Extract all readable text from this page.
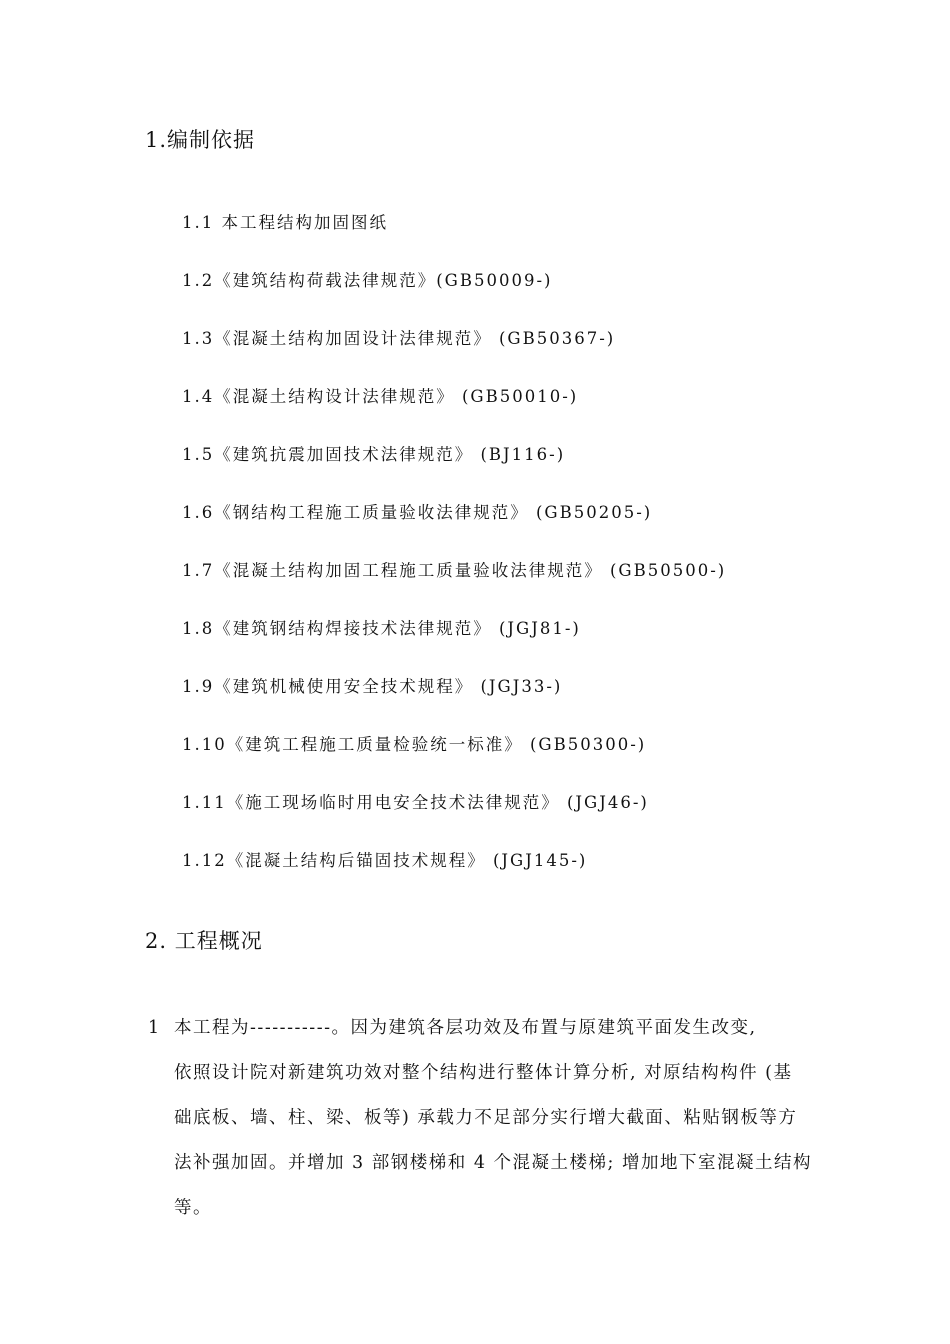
1.编制依据
1.1 本工程结构加固图纸
1.2《建筑结构荷载法律规范》(GB50009-)
1.3《混凝土结构加固设计法律规范》 (GB50367-)
1.4《混凝土结构设计法律规范》 (GB50010-)
1.5《建筑抗震加固技术法律规范》 (BJ116-)
1.6《钢结构工程施工质量验收法律规范》 (GB50205-)
1.7《混凝土结构加固工程施工质量验收法律规范》 (GB50500-)
1.8《建筑钢结构焊接技术法律规范》 (JGJ81-)
1.9《建筑机械使用安全技术规程》 (JGJ33-)
1.10《建筑工程施工质量检验统一标准》 (GB50300-)
1.11《施工现场临时用电安全技术法律规范》 (JGJ46-)
1.12《混凝土结构后锚固技术规程》 (JGJ145-)
2. 工程概况
1 本工程为-----------。因为建筑各层功效及布置与原建筑平面发生改变,
依照设计院对新建筑功效对整个结构进行整体计算分析, 对原结构构件 (基
础底板、墙、柱、梁、板等) 承载力不足部分实行增大截面、粘贴钢板等方
法补强加固。并增加 3 部钢楼梯和 4 个混凝土楼梯; 增加地下室混凝土结构
等。
